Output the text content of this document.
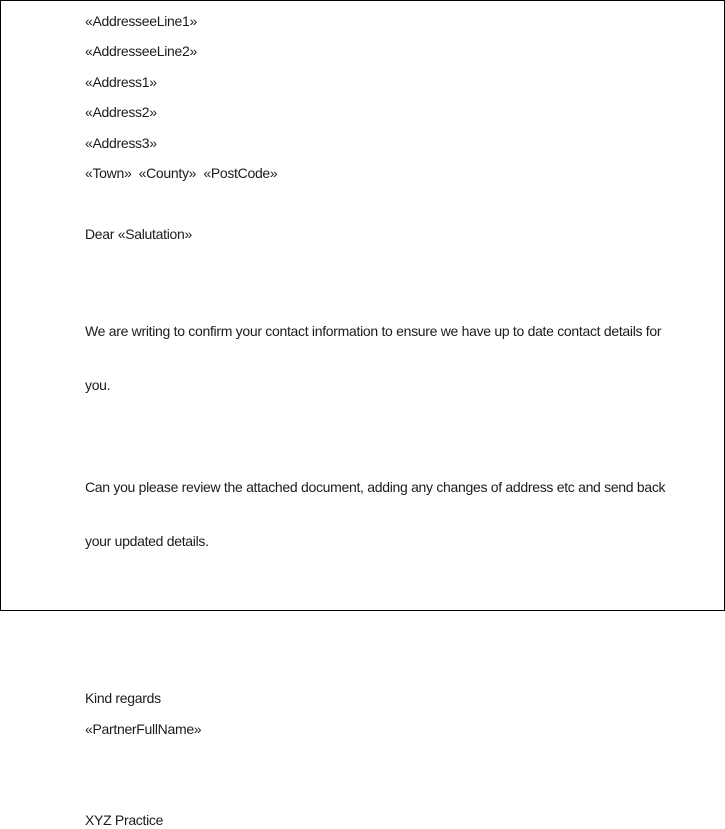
«AddresseeLine1»

«AddresseeLine2»

«Address1»

«Address2»

«Address3»

«Town»  «County»  «PostCode»

Dear «Salutation»

We are writing to confirm your contact information to ensure we have up to date contact details for

you.

Can you please review the attached document, adding any changes of address etc and send back

your updated details.

Kind regards

«PartnerFullName»

XYZ Practice
